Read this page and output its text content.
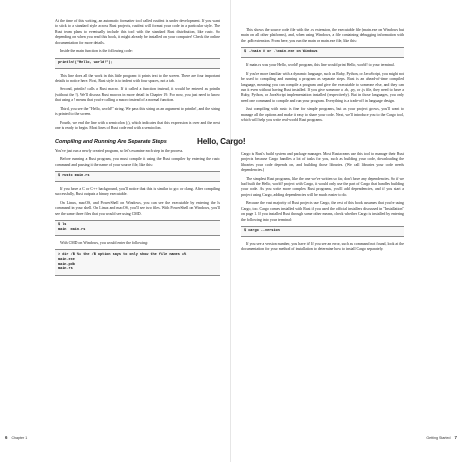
At the time of this writing, an automatic formatter tool called rustfmt is under development. If you want to stick to a standard style across Rust projects, rustfmt will format your code in a particular style. The Rust team plans to eventually include this tool with the standard Rust distribution, like rustc. So depending on when you read this book, it might already be installed on your computer! Check the online documentation for more details.

Inside the main function is the following code:

println!("Hello, world!");

This line does all the work in this little program: it prints text to the screen. There are four important details to notice here. First, Rust style is to indent with four spaces, not a tab.

Second, println! calls a Rust macro. If it called a function instead, it would be entered as println (without the !). We'll discuss Rust macros in more detail in Chapter 19. For now, you just need to know that using a ! means that you're calling a macro instead of a normal function.

Third, you see the "Hello, world!" string. We pass this string as an argument to println!, and the string is printed to the screen.

Fourth, we end the line with a semicolon (;), which indicates that this expression is over and the next one is ready to begin. Most lines of Rust code end with a semicolon.

Compiling and Running Are Separate Steps

You've just run a newly created program, so let's examine each step in the process.

Before running a Rust program, you must compile it using the Rust compiler by entering the rustc command and passing it the name of your source file, like this:

$ rustc main.rs

If you have a C or C++ background, you'll notice that this is similar to gcc or clang. After compiling successfully, Rust outputs a binary executable.

On Linux, macOS, and PowerShell on Windows, you can see the executable by entering the ls command in your shell. On Linux and macOS, you'll see two files. With PowerShell on Windows, you'll see the same three files that you would see using CMD.

$ ls
main  main.rs

With CMD on Windows, you would enter the following:

> dir /B %= the /B option says to only show the file names =%
main.exe
main.pdb
main.rs
6 Chapter 1

This shows the source code file with the .rs extension, the executable file (main.exe on Windows but main on all other platforms), and, when using Windows, a file containing debugging information with the .pdb extension. From here, you run the main or main.exe file, like this:

$ ./main # or .\main.exe on Windows

If main.rs was your Hello, world! program, this line would print Hello, world! to your terminal.

If you're more familiar with a dynamic language, such as Ruby, Python, or JavaScript, you might not be used to compiling and running a program as separate steps. Rust is an ahead-of-time compiled language, meaning you can compile a program and give the executable to someone else, and they can run it even without having Rust installed. If you give someone a .rb, .py, or .js file, they need to have a Ruby, Python, or JavaScript implementation installed (respectively). But in those languages, you only need one command to compile and run your program. Everything is a trade-off in language design.

Just compiling with rustc is fine for simple programs, but as your project grows, you'll want to manage all the options and make it easy to share your code. Next, we'll introduce you to the Cargo tool, which will help you write real-world Rust programs.

Hello, Cargo!

Cargo is Rust's build system and package manager. Most Rustaceans use this tool to manage their Rust projects because Cargo handles a lot of tasks for you, such as building your code, downloading the libraries your code depends on, and building those libraries. (We call libraries your code needs dependencies.)

The simplest Rust programs, like the one we've written so far, don't have any dependencies. So if we had built the Hello, world! project with Cargo, it would only use the part of Cargo that handles building your code. As you write more complex Rust programs, you'll add dependencies, and if you start a project using Cargo, adding dependencies will be much easier to do.

Because the vast majority of Rust projects use Cargo, the rest of this book assumes that you're using Cargo, too. Cargo comes installed with Rust if you used the official installers discussed in "Installation" on page 1. If you installed Rust through some other means, check whether Cargo is installed by entering the following into your terminal:

$ cargo --version

If you see a version number, you have it! If you see an error, such as command not found, look at the documentation for your method of installation to determine how to install Cargo separately.

Getting Started 7
